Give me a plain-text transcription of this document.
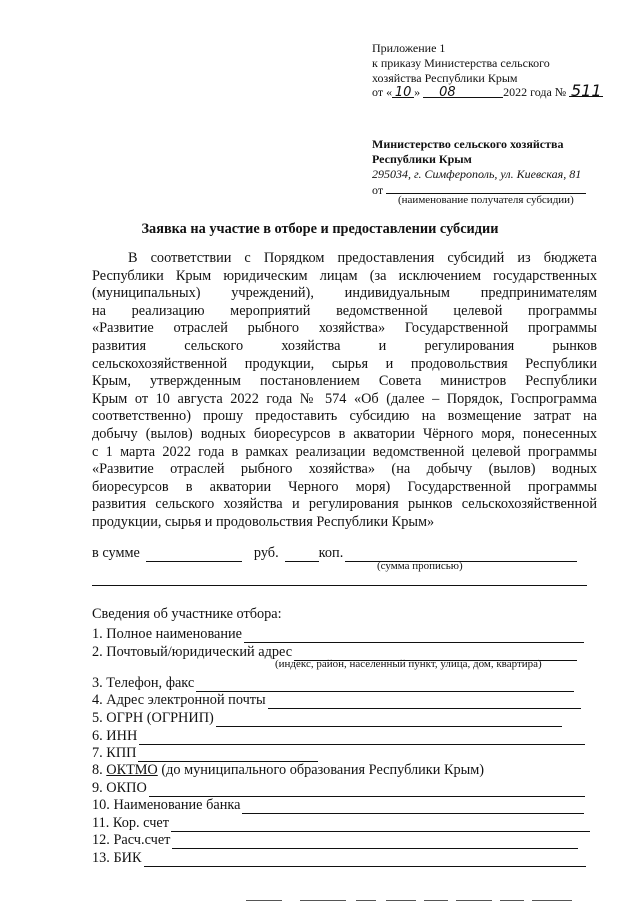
Приложение 1
к приказу Министерства сельского
хозяйства Республики Крым
от « 10 » 08	2022 года № 511
Министерство сельского хозяйства
Республики Крым
295034, г. Симферополь, ул. Киевская, 81
от
(наименование получателя субсидии)
Заявка на участие в отборе и предоставлении субсидии
В соответствии с Порядком предоставления субсидий из бюджета
Республики Крым юридическим лицам (за исключением государственных
(муниципальных) учреждений), индивидуальным предпринимателям
на реализацию мероприятий ведомственной целевой программы
«Развитие отраслей рыбного хозяйства» Государственной программы
развития сельского хозяйства и регулирования рынков
сельскохозяйственной продукции, сырья и продовольствия Республики
Крым, утвержденным постановлением Совета министров Республики
Крым от 10 августа 2022 года № 574 «Об (далее – Порядок, Госпрограмма
соответственно) прошу предоставить субсидию на возмещение затрат на
добычу (вылов) водных биоресурсов в акватории Чёрного моря, понесенных
с 1 марта 2022 года в рамках реализации ведомственной целевой программы
«Развитие отраслей рыбного хозяйства» (на добычу (вылов) водных
биоресурсов в акватории Черного моря) Государственной программы
развития сельского хозяйства и регулирования рынков сельскохозяйственной
продукции, сырья и продовольствия Республики Крым»
в сумме	руб.	коп.
(сумма прописью)
Сведения об участнике отбора:
1. Полное наименование
2. Почтовый/юридический адрес
3. Телефон, факс
4. Адрес электронной почты
5. ОГРН (ОГРНИП)
6. ИНН
7. КПП
8. ОКТМО (до муниципального образования Республики Крым)
9. ОКПО
10. Наименование банка
11. Кор. счет
12. Расч.счет
13. БИК
(индекс, район, населенный пункт, улица, дом, квартира)
